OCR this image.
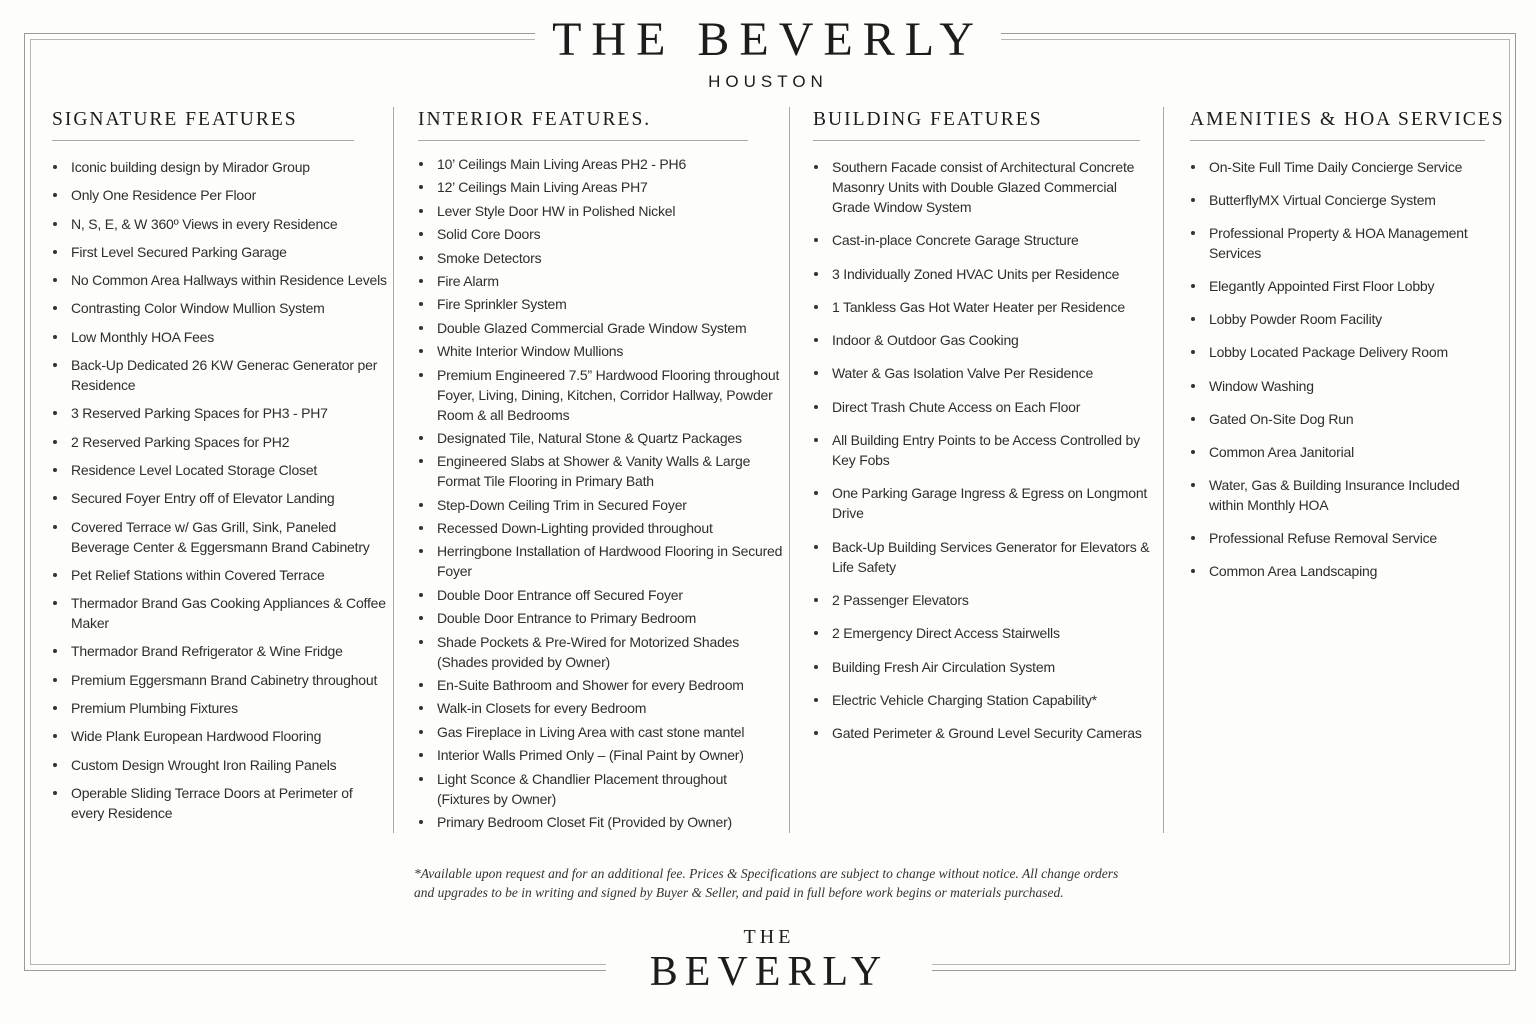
THE BEVERLY
HOUSTON
SIGNATURE FEATURES
Iconic building design by Mirador Group
Only One Residence Per Floor
N, S, E, & W 360º Views in every Residence
First Level Secured Parking Garage
No Common Area Hallways within Residence Levels
Contrasting Color Window Mullion System
Low Monthly HOA Fees
Back-Up Dedicated 26 KW Generac Generator per Residence
3 Reserved Parking Spaces for PH3 - PH7
2 Reserved Parking Spaces for PH2
Residence Level Located Storage Closet
Secured Foyer Entry off of Elevator Landing
Covered Terrace w/ Gas Grill, Sink, Paneled Beverage Center & Eggersmann Brand Cabinetry
Pet Relief Stations within Covered Terrace
Thermador Brand Gas Cooking Appliances & Coffee Maker
Thermador Brand Refrigerator & Wine Fridge
Premium Eggersmann Brand Cabinetry throughout
Premium Plumbing Fixtures
Wide Plank European Hardwood Flooring
Custom Design Wrought Iron Railing Panels
Operable Sliding Terrace Doors at Perimeter of every Residence
INTERIOR FEATURES.
10’ Ceilings Main Living Areas PH2 - PH6
12’ Ceilings Main Living Areas PH7
Lever Style Door HW in Polished Nickel
Solid Core Doors
Smoke Detectors
Fire Alarm
Fire Sprinkler System
Double Glazed Commercial Grade Window System
White Interior Window Mullions
Premium Engineered 7.5” Hardwood Flooring throughout Foyer, Living, Dining, Kitchen, Corridor Hallway, Powder Room & all Bedrooms
Designated Tile, Natural Stone & Quartz Packages
Engineered Slabs at Shower & Vanity Walls & Large Format Tile Flooring in Primary Bath
Step-Down Ceiling Trim in Secured Foyer
Recessed Down-Lighting provided throughout
Herringbone Installation of Hardwood Flooring in Secured Foyer
Double Door Entrance off Secured Foyer
Double Door Entrance to Primary Bedroom
Shade Pockets & Pre-Wired for Motorized Shades (Shades provided by Owner)
En-Suite Bathroom and Shower for every Bedroom
Walk-in Closets for every Bedroom
Gas Fireplace in Living Area with cast stone mantel
Interior Walls Primed Only – (Final Paint by Owner)
Light Sconce & Chandlier Placement throughout (Fixtures by Owner)
Primary Bedroom Closet Fit (Provided by Owner)
BUILDING FEATURES
Southern Facade consist of Architectural Concrete Masonry Units with Double Glazed Commercial Grade Window System
Cast-in-place Concrete Garage Structure
3 Individually Zoned HVAC Units per Residence
1 Tankless Gas Hot Water Heater per Residence
Indoor & Outdoor Gas Cooking
Water & Gas Isolation Valve Per Residence
Direct Trash Chute Access on Each Floor
All Building Entry Points to be Access Controlled by Key Fobs
One Parking Garage Ingress & Egress on Longmont Drive
Back-Up Building Services Generator for Elevators & Life Safety
2 Passenger Elevators
2 Emergency Direct Access Stairwells
Building Fresh Air Circulation System
Electric Vehicle Charging Station Capability*
Gated Perimeter & Ground Level Security Cameras
AMENITIES & HOA SERVICES
On-Site Full Time Daily Concierge Service
ButterflyMX Virtual Concierge System
Professional Property & HOA Management Services
Elegantly Appointed First Floor Lobby
Lobby Powder Room Facility
Lobby Located Package Delivery Room
Window Washing
Gated On-Site Dog Run
Common Area Janitorial
Water, Gas & Building Insurance Included within Monthly HOA
Professional Refuse Removal Service
Common Area Landscaping
*Available upon request and for an additional fee. Prices & Specifications are subject to change without notice. All change orders and upgrades to be in writing and signed by Buyer & Seller, and paid in full before work begins or materials purchased.
THE
BEVERLY
